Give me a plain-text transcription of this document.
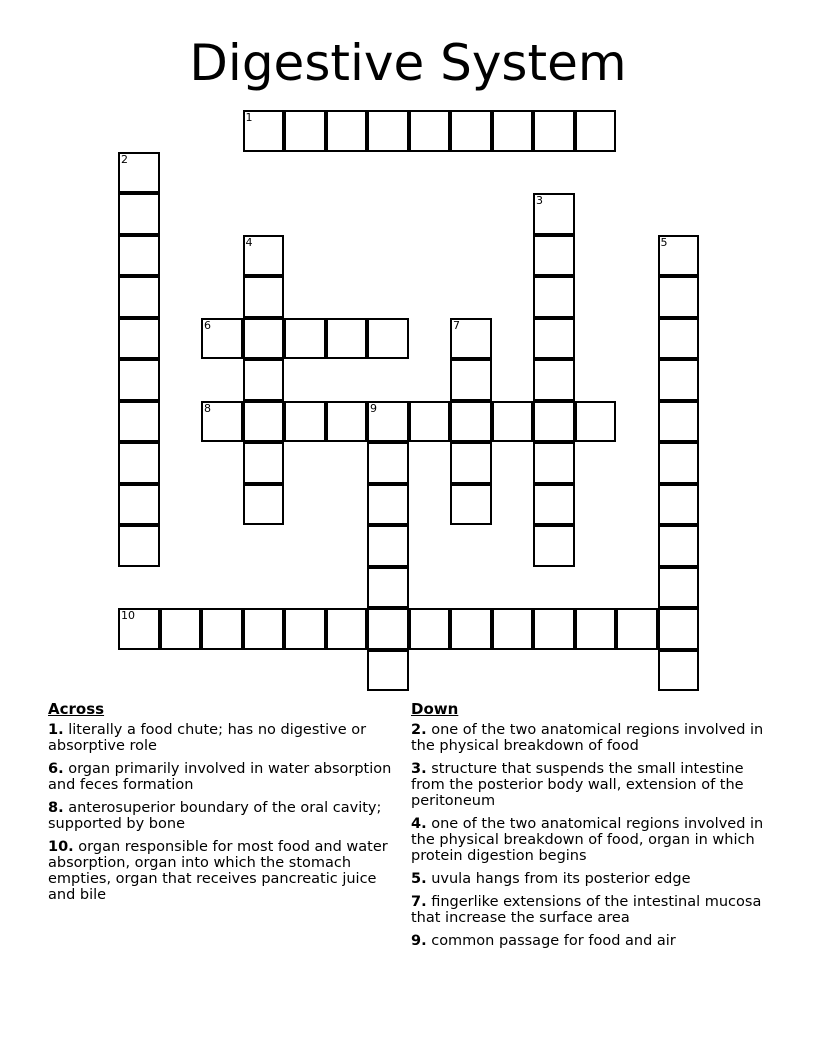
Digestive System
1
2
3
4	5
6	7
8	9
10
Across
1. literally a food chute; has no digestive or absorptive role
6. organ primarily involved in water absorption and feces formation
8. anterosuperior boundary of the oral cavity; supported by bone
10. organ responsible for most food and water absorption, organ into which the stomach empties, organ that receives pancreatic juice and bile
Down
2. one of the two anatomical regions involved in the physical breakdown of food
3. structure that suspends the small intestine from the posterior body wall, extension of the peritoneum
4. one of the two anatomical regions involved in the physical breakdown of food, organ in which protein digestion begins
5. uvula hangs from its posterior edge
7. fingerlike extensions of the intestinal mucosa that increase the surface area
9. common passage for food and air
